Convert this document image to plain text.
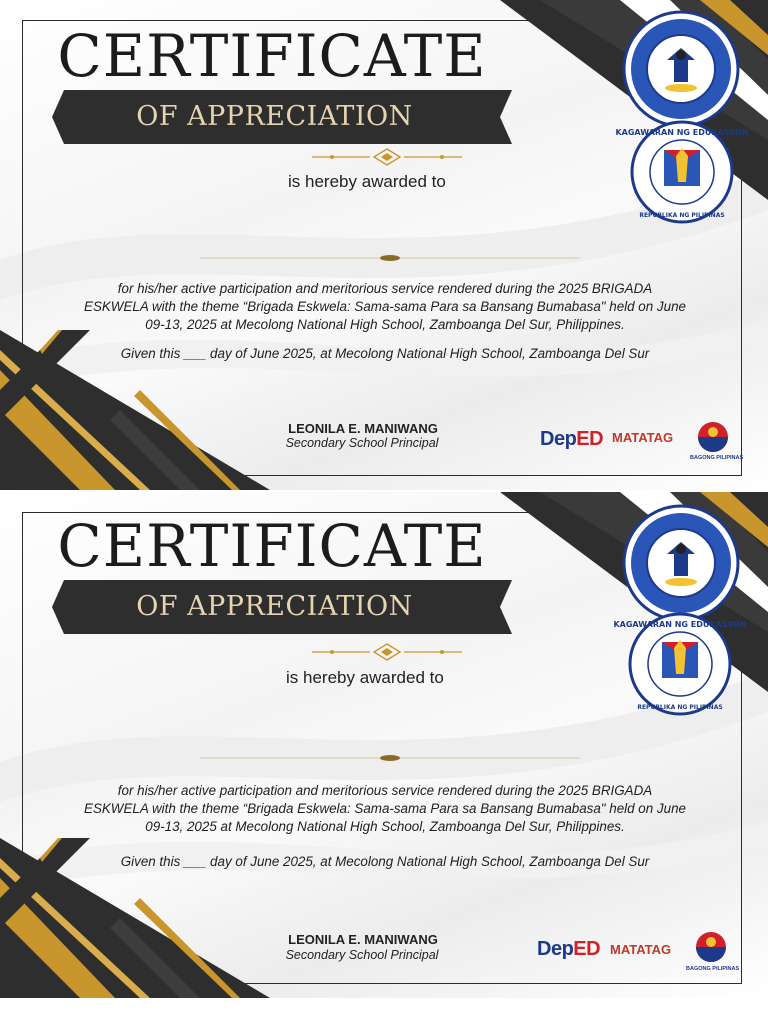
CERTIFICATE
OF APPRECIATION
is hereby awarded to
for his/her active participation and meritorious service rendered during the 2025 BRIGADA
ESKWELA with the theme “Brigada Eskwela: Sama-sama Para sa Bansang Bumabasa" held on June
09-13, 2025 at Mecolong National High School, Zamboanga Del Sur, Philippines.
Given this ___ day of June 2025, at Mecolong National High School, Zamboanga Del Sur
LEONILA E. MANIWANG
Secondary School Principal
KAGAWARAN NG EDUKASYON
REPUBLIKA NG PILIPINAS
DepED MATATAG
BAGONG PILIPINAS
CERTIFICATE
OF APPRECIATION
is hereby awarded to
for his/her active participation and meritorious service rendered during the 2025 BRIGADA
ESKWELA with the theme “Brigada Eskwela: Sama-sama Para sa Bansang Bumabasa" held on June
09-13, 2025 at Mecolong National High School, Zamboanga Del Sur, Philippines.
Given this ___ day of June 2025, at Mecolong National High School, Zamboanga Del Sur
LEONILA E. MANIWANG
Secondary School Principal
KAGAWARAN NG EDUKASYON
REPUBLIKA NG PILIPINAS
DepED MATATAG
BAGONG PILIPINAS
